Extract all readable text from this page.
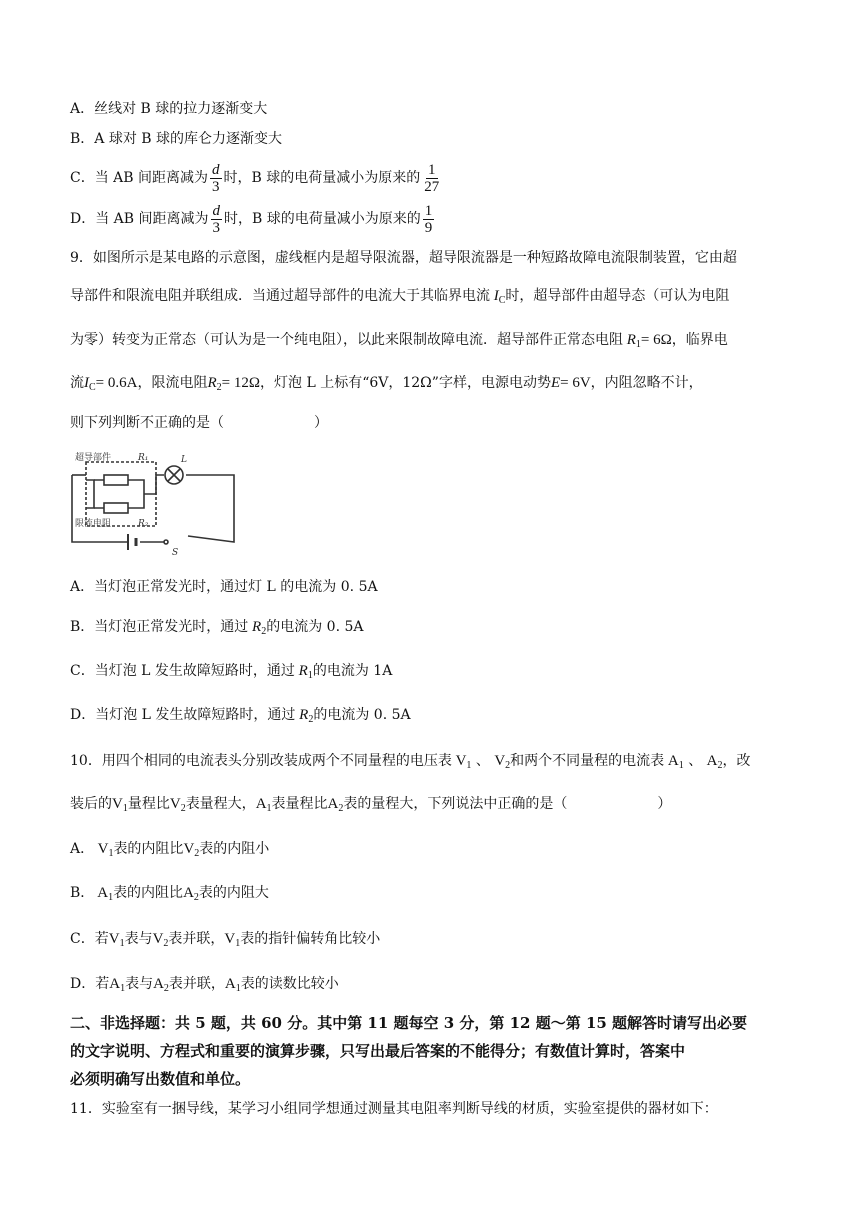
A．丝线对 B 球的拉力逐渐变大
B．A 球对 B 球的库仑力逐渐变大
C．当 AB 间距离减为 $\frac{d}{3}$ 时，B 球的电荷量减小为原来的 $\frac{1}{27}$
D．当 AB 间距离减为 $\frac{d}{3}$ 时，B 球的电荷量减小为原来的 $\frac{1}{9}$
9．如图所示是某电路的示意图，虚线框内是超导限流器，超导限流器是一种短路故障电流限制装置，它由超
导部件和限流电阻并联组成．当通过超导部件的电流大于其临界电流 $I_C$时，超导部件由超导态（可认为电阻
为零）转变为正常态（可认为是一个纯电阻），以此来限制故障电流．超导部件正常态电阻 $R_1= 6\Omega$，临界电
流$I_C= 0.6A$，限流电阻$R_2= 12\Omega$，灯泡 L 上标有“6V，12Ω”字样，电源电动势E= 6V，内阻忽略不计，
则下列判断不正确的是（	）
超导部件	R₁	L
限流电阻	R₂
S
A．当灯泡正常发光时，通过灯 L 的电流为 0. 5A
B．当灯泡正常发光时，通过 $R_2$的电流为 0. 5A
C．当灯泡 L 发生故障短路时，通过 $R_1$的电流为 1A
D．当灯泡 L 发生故障短路时，通过 $R_2$的电流为 0. 5A
10．用四个相同的电流表头分别改装成两个不同量程的电压表 $V_1$ 、 $V_2$和两个不同量程的电流表 $A_1$ 、 $A_2$，改
装后的$V_1$量程比$V_2$表量程大，$A_1$表量程比$A_2$表的量程大，下列说法中正确的是（	）
A． $V_1$表的内阻比$V_2$表的内阻小
B． $A_1$表的内阻比$A_2$表的内阻大
C．若$V_1$表与$V_2$表并联，$V_1$表的指针偏转角比较小
D．若$A_1$表与$A_2$表并联，$A_1$表的读数比较小
二、非选择题：共 5 题，共 60 分。其中第 11 题每空 3 分，第 12 题～第 15 题解答时请写出必要
的文字说明、方程式和重要的演算步骤，只写出最后答案的不能得分；有数值计算时，答案中
必须明确写出数值和单位。
11．实验室有一捆导线，某学习小组同学想通过测量其电阻率判断导线的材质，实验室提供的器材如下：
